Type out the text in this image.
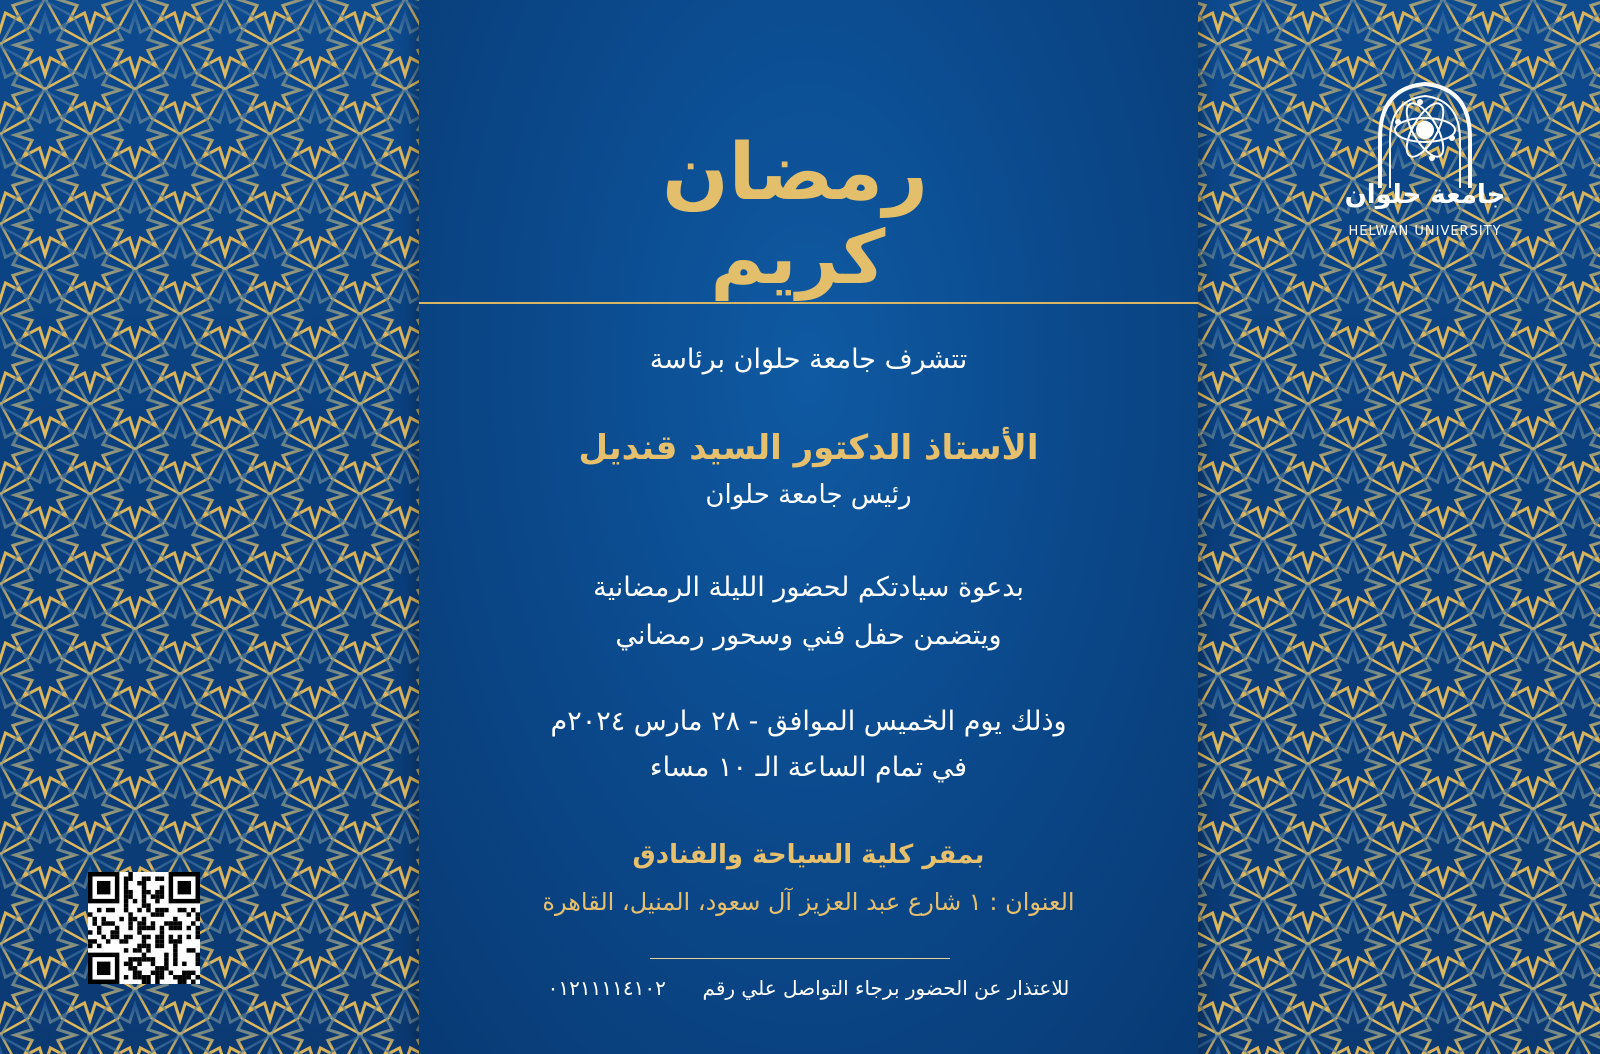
رمضان
كريم
تتشرف جامعة حلوان برئاسة
الأستاذ الدكتور السيد قنديل
رئيس جامعة حلوان
بدعوة سيادتكم لحضور الليلة الرمضانية
ويتضمن حفل فني وسحور رمضاني
وذلك يوم الخميس الموافق - ٢٨ مارس ٢٠٢٤م
في تمام الساعة الـ ١٠ مساء
بمقر كلية السياحة والفنادق
العنوان : ١ شارع عبد العزيز آل سعود، المنيل، القاهرة
للاعتذار عن الحضور برجاء التواصل علي رقم  ٠١٢١١١١٤١٠٢
جامعة حلوان
HELWAN UNIVERSITY
